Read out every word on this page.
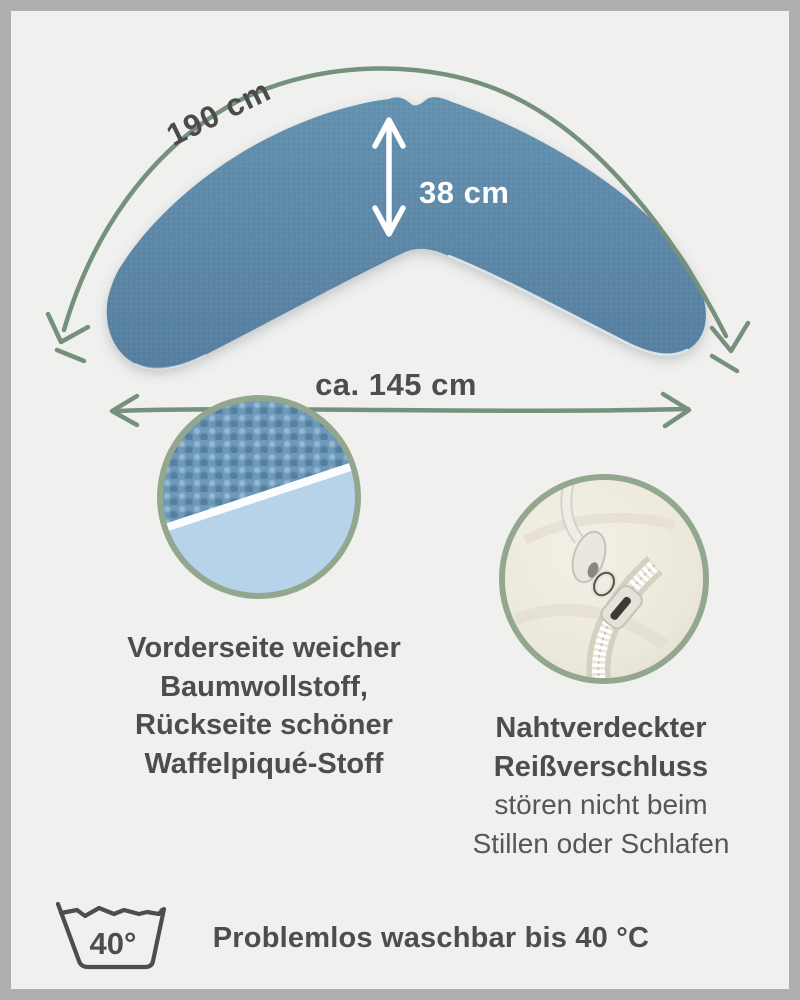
190 cm
38 cm
ca. 145 cm
Vorderseite weicher
Baumwollstoff,
Rückseite schöner
Waffelpiqué-Stoff
Nahtverdeckter
Reißverschluss
stören nicht beim
Stillen oder Schlafen
40°	Problemlos waschbar bis 40 °C
